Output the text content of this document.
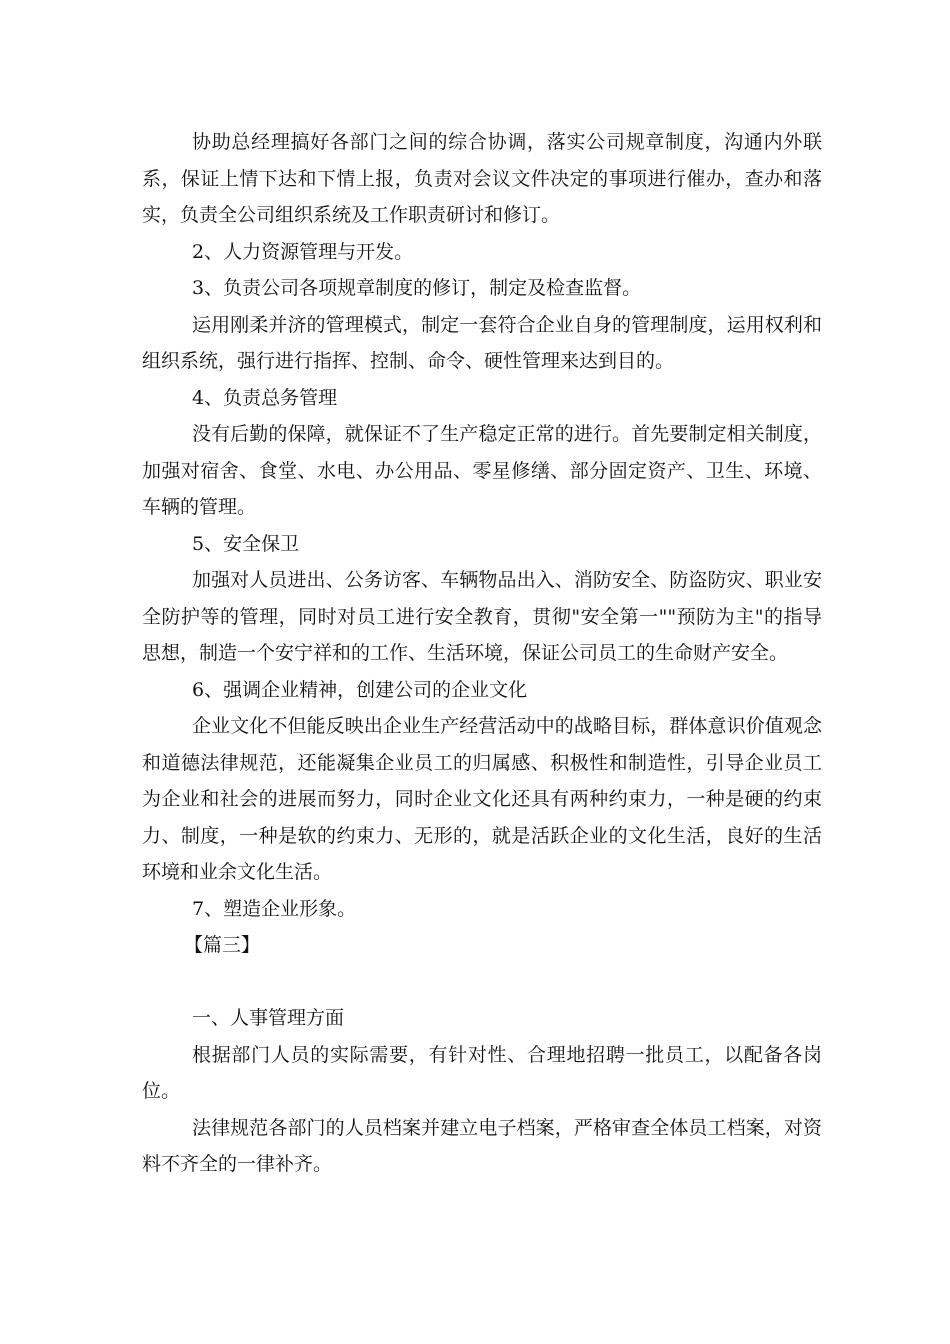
协助总经理搞好各部门之间的综合协调，落实公司规章制度，沟通内外联系，保证上情下达和下情上报，负责对会议文件决定的事项进行催办，查办和落实，负责全公司组织系统及工作职责研讨和修订。

2、人力资源管理与开发。

3、负责公司各项规章制度的修订，制定及检查监督。

运用刚柔并济的管理模式，制定一套符合企业自身的管理制度，运用权利和组织系统，强行进行指挥、控制、命令、硬性管理来达到目的。

4、负责总务管理

没有后勤的保障，就保证不了生产稳定正常的进行。首先要制定相关制度，加强对宿舍、食堂、水电、办公用品、零星修缮、部分固定资产、卫生、环境、车辆的管理。

5、安全保卫

加强对人员进出、公务访客、车辆物品出入、消防安全、防盗防灾、职业安全防护等的管理，同时对员工进行安全教育，贯彻"安全第一""预防为主"的指导思想，制造一个安宁祥和的工作、生活环境，保证公司员工的生命财产安全。

6、强调企业精神，创建公司的企业文化

企业文化不但能反映出企业生产经营活动中的战略目标，群体意识价值观念和道德法律规范，还能凝集企业员工的归属感、积极性和制造性，引导企业员工为企业和社会的进展而努力，同时企业文化还具有两种约束力，一种是硬的约束力、制度，一种是软的约束力、无形的，就是活跃企业的文化生活，良好的生活环境和业余文化生活。

7、塑造企业形象。

【篇三】

一、人事管理方面

根据部门人员的实际需要，有针对性、合理地招聘一批员工，以配备各岗位。

法律规范各部门的人员档案并建立电子档案，严格审查全体员工档案，对资料不齐全的一律补齐。
